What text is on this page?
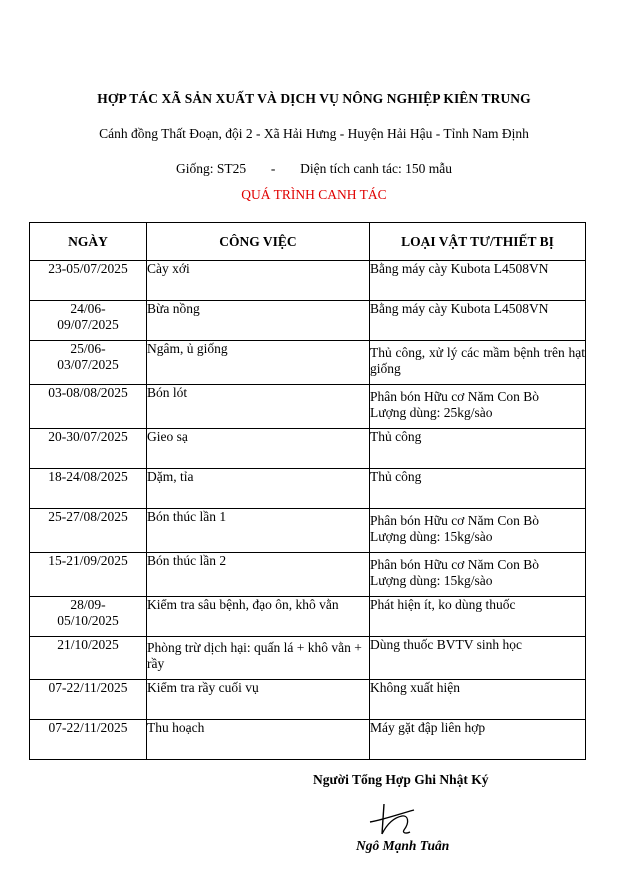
HỢP TÁC XÃ SẢN XUẤT VÀ DỊCH VỤ NÔNG NGHIỆP KIÊN TRUNG
Cánh đồng Thất Đoạn, đội 2 - Xã Hải Hưng - Huyện Hải Hậu - Tỉnh Nam Định
Giống: ST25 - Diện tích canh tác: 150 mẫu
QUÁ TRÌNH CANH TÁC
NGÀY	CÔNG VIỆC	LOẠI VẬT TƯ/THIẾT BỊ
23-05/07/2025	Cày xới	Bằng máy cày Kubota L4508VN
24/06-
09/07/2025	Bừa nồng	Bằng máy cày Kubota L4508VN
25/06-
03/07/2025	Ngâm, ủ giống	Thủ công, xử lý các mầm bệnh trên hạt giống
03-08/08/2025	Bón lót	Phân bón Hữu cơ Năm Con Bò
Lượng dùng: 25kg/sào
20-30/07/2025	Gieo sạ	Thủ công
18-24/08/2025	Dặm, tỉa	Thủ công
25-27/08/2025	Bón thúc lần 1	Phân bón Hữu cơ Năm Con Bò
Lượng dùng: 15kg/sào
15-21/09/2025	Bón thúc lần 2	Phân bón Hữu cơ Năm Con Bò
Lượng dùng: 15kg/sào
28/09-
05/10/2025	Kiểm tra sâu bệnh, đạo ôn, khô vằn	Phát hiện ít, ko dùng thuốc
21/10/2025	Phòng trừ dịch hại: quấn lá + khô vằn + rầy	Dùng thuốc BVTV sinh học
07-22/11/2025	Kiểm tra rầy cuối vụ	Không xuất hiện
07-22/11/2025	Thu hoạch	Máy gặt đập liên hợp
Người Tổng Hợp Ghi Nhật Ký
Ngô Mạnh Tuân
